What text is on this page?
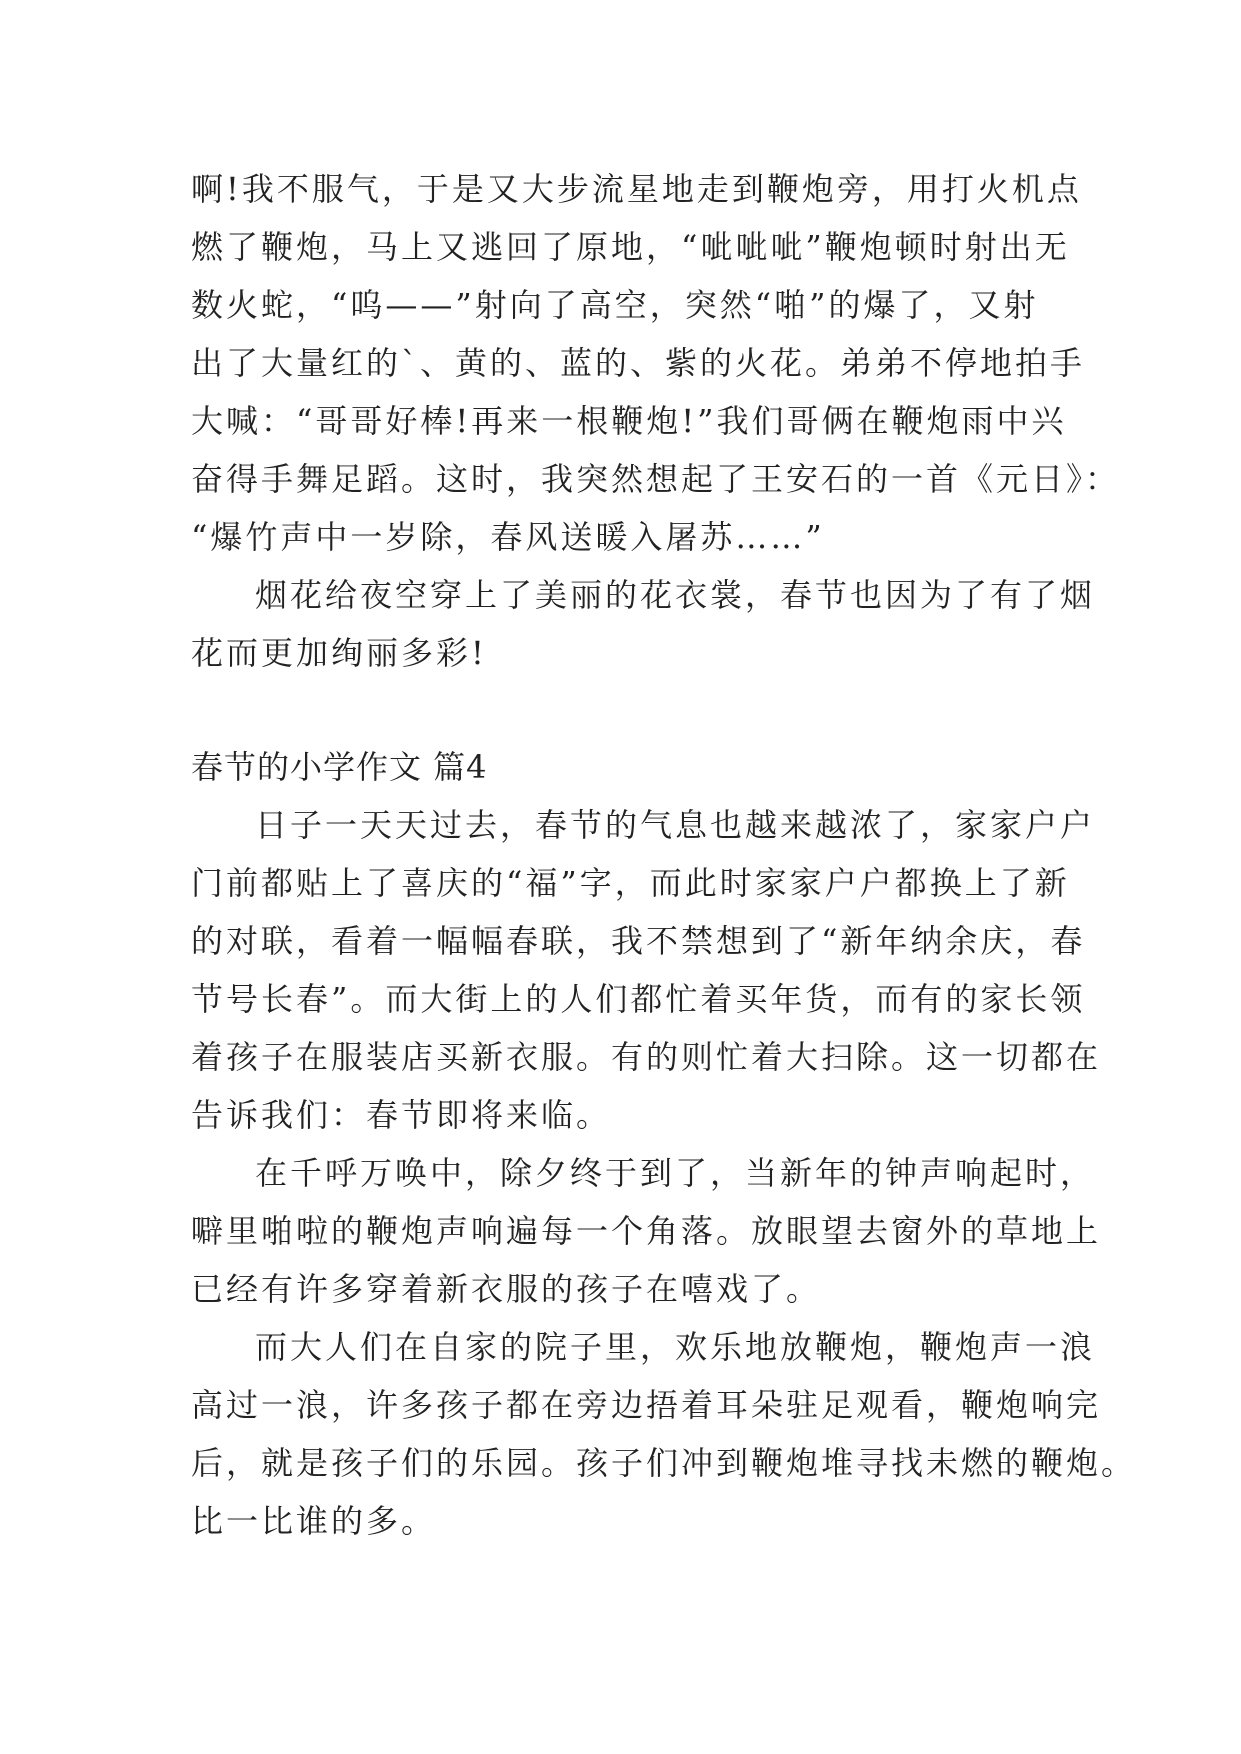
啊!我不服气，于是又大步流星地走到鞭炮旁，用打火机点
燃了鞭炮，马上又逃回了原地，“呲呲呲”鞭炮顿时射出无
数火蛇，“呜——”射向了高空，突然“啪”的爆了，又射
出了大量红的`、黄的、蓝的、紫的火花。弟弟不停地拍手
大喊：“哥哥好棒!再来一根鞭炮!”我们哥俩在鞭炮雨中兴
奋得手舞足蹈。这时，我突然想起了王安石的一首《元日》：
“爆竹声中一岁除，春风送暖入屠苏……”
烟花给夜空穿上了美丽的花衣裳，春节也因为了有了烟
花而更加绚丽多彩!
春节的小学作文 篇4
日子一天天过去，春节的气息也越来越浓了，家家户户
门前都贴上了喜庆的“福”字，而此时家家户户都换上了新
的对联，看着一幅幅春联，我不禁想到了“新年纳余庆，春
节号长春”。而大街上的人们都忙着买年货，而有的家长领
着孩子在服装店买新衣服。有的则忙着大扫除。这一切都在
告诉我们：春节即将来临。
在千呼万唤中，除夕终于到了，当新年的钟声响起时，
噼里啪啦的鞭炮声响遍每一个角落。放眼望去窗外的草地上
已经有许多穿着新衣服的孩子在嘻戏了。
而大人们在自家的院子里，欢乐地放鞭炮，鞭炮声一浪
高过一浪，许多孩子都在旁边捂着耳朵驻足观看，鞭炮响完
后，就是孩子们的乐园。孩子们冲到鞭炮堆寻找未燃的鞭炮。
比一比谁的多。
